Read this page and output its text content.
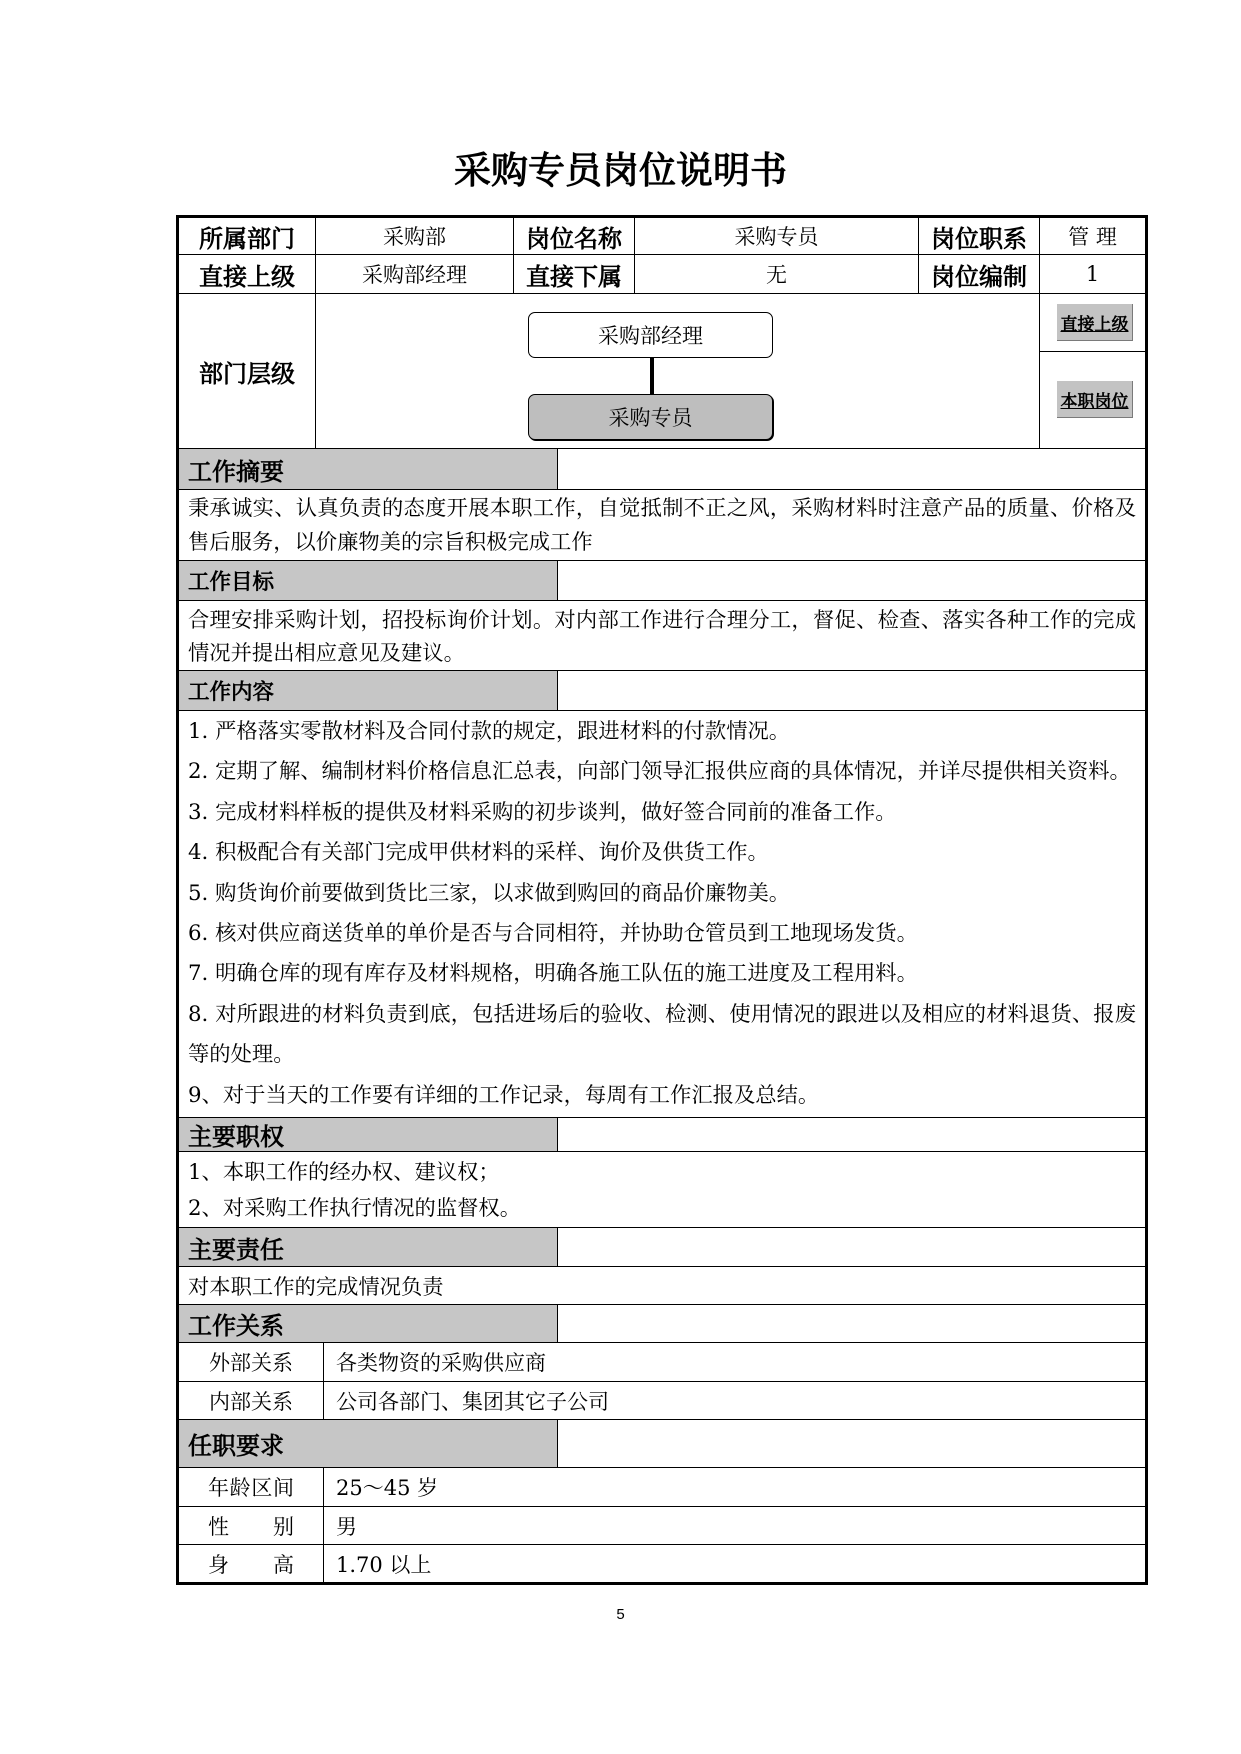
采购专员岗位说明书
所属部门	采购部	岗位名称	采购专员	岗位职系	管 理
直接上级	采购部经理	直接下属	无	岗位编制	1
部门层级
采购部经理
采购专员
直接上级
本职岗位
工作摘要
秉承诚实、认真负责的态度开展本职工作，自觉抵制不正之风，采购材料时注意产品的质量、价格及售后服务，以价廉物美的宗旨积极完成工作
工作目标
合理安排采购计划，招投标询价计划。对内部工作进行合理分工，督促、检查、落实各种工作的完成情况并提出相应意见及建议。
工作内容
1. 严格落实零散材料及合同付款的规定，跟进材料的付款情况。
2. 定期了解、编制材料价格信息汇总表，向部门领导汇报供应商的具体情况，并详尽提供相关资料。
3. 完成材料样板的提供及材料采购的初步谈判，做好签合同前的准备工作。
4. 积极配合有关部门完成甲供材料的采样、询价及供货工作。
5. 购货询价前要做到货比三家，以求做到购回的商品价廉物美。
6. 核对供应商送货单的单价是否与合同相符，并协助仓管员到工地现场发货。
7. 明确仓库的现有库存及材料规格，明确各施工队伍的施工进度及工程用料。
8. 对所跟进的材料负责到底，包括进场后的验收、检测、使用情况的跟进以及相应的材料退货、报废等的处理。
9、对于当天的工作要有详细的工作记录，每周有工作汇报及总结。
主要职权
1、本职工作的经办权、建议权；
2、对采购工作执行情况的监督权。
主要责任
对本职工作的完成情况负责
工作关系
外部关系	各类物资的采购供应商
内部关系	公司各部门、集团其它子公司
任职要求
年龄区间	25～45 岁
性 别	男
身 高	1.70 以上
5
